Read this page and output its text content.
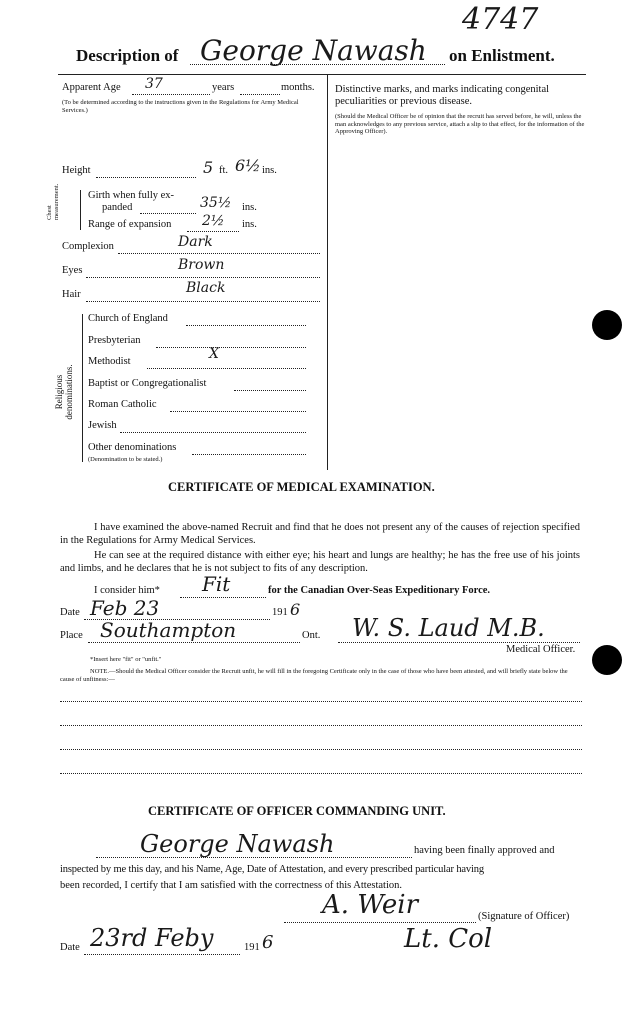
4747
Description of George Nawash on Enlistment.
Apparent Age 37	years	months.
(To be determined according to the instructions given in the Regulations for Army Medical Services.)
Height	5 ft. 6½ ins.
Chest measurement.	Girth when fully ex-
panded	35½ ins.
Range of expansion 2½ ins.
Complexion	Dark
Eyes	Brown
Hair	Black
Religious denominations.
Church of England
Presbyterian
Methodist	X
Baptist or Congregationalist
Roman Catholic
Jewish
Other denominations
(Denomination to be stated.)
Distinctive marks, and marks indicating congenital peculiarities or previous disease.
(Should the Medical Officer be of opinion that the recruit has served before, he will, unless the man acknowledges to any previous service, attach a slip to that effect, for the information of the Approving Officer).
CERTIFICATE OF MEDICAL EXAMINATION.
I have examined the above-named Recruit and find that he does not present any of the causes of rejection specified in the Regulations for Army Medical Services.
He can see at the required distance with either eye; his heart and lungs are healthy; he has the free use of his joints and limbs, and he declares that he is not subject to fits of any description.
I consider him* Fit	for the Canadian Over-Seas Expeditionary Force.
Date Feb 23	191 6
Place Southampton	Ont. W. S. Laud M.B.
Medical Officer.
*Insert here "fit" or "unfit."
NOTE.—Should the Medical Officer consider the Recruit unfit, he will fill in the foregoing Certificate only in the case of those who have been attested, and will briefly state below the cause of unfitness:—
CERTIFICATE OF OFFICER COMMANDING UNIT.
George Nawash	having been finally approved and
inspected by me this day, and his Name, Age, Date of Attestation, and every prescribed particular having
been recorded, I certify that I am satisfied with the correctness of this Attestation.
A. Weir	(Signature of Officer)
Date 23rd Feby	191 6	Lt. Col
